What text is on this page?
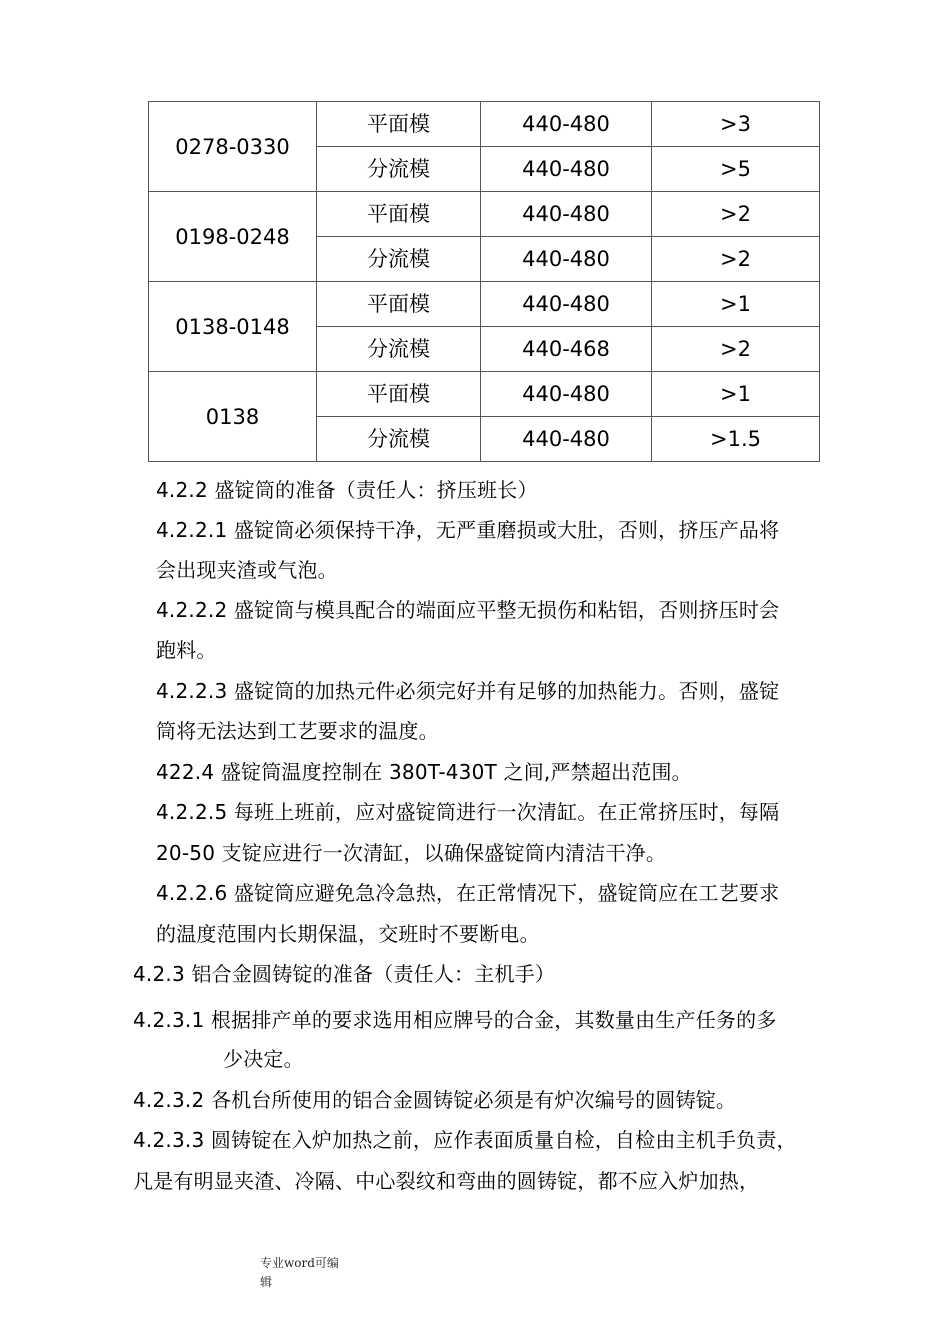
0278-0330	平面模	440-480	>3
	分流模	440-480	>5
0198-0248	平面模	440-480	>2
	分流模	440-480	>2
0138-0148	平面模	440-480	>1
	分流模	440-468	>2
0138	平面模	440-480	>1
	分流模	440-480	>1.5
4.2.2 盛锭筒的准备（责任人：挤压班长）
4.2.2.1 盛锭筒必须保持干净，无严重磨损或大肚，否则，挤压产品将
会出现夹渣或气泡。
4.2.2.2 盛锭筒与模具配合的端面应平整无损伤和粘铝，否则挤压时会
跑料。
4.2.2.3 盛锭筒的加热元件必须完好并有足够的加热能力。否则，盛锭
筒将无法达到工艺要求的温度。
422.4 盛锭筒温度控制在 380T-430T 之间,严禁超出范围。
4.2.2.5 每班上班前，应对盛锭筒进行一次清缸。在正常挤压时，每隔
20-50 支锭应进行一次清缸，以确保盛锭筒内清洁干净。
4.2.2.6 盛锭筒应避免急冷急热，在正常情况下，盛锭筒应在工艺要求
的温度范围内长期保温，交班时不要断电。
4.2.3 铝合金圆铸锭的准备（责任人：主机手）
4.2.3.1 根据排产单的要求选用相应牌号的合金，其数量由生产任务的多
少决定。
4.2.3.2 各机台所使用的铝合金圆铸锭必须是有炉次编号的圆铸锭。
4.2.3.3 圆铸锭在入炉加热之前，应作表面质量自检，自检由主机手负责，
凡是有明显夹渣、冷隔、中心裂纹和弯曲的圆铸锭，都不应入炉加热，
专业word可编
辑
